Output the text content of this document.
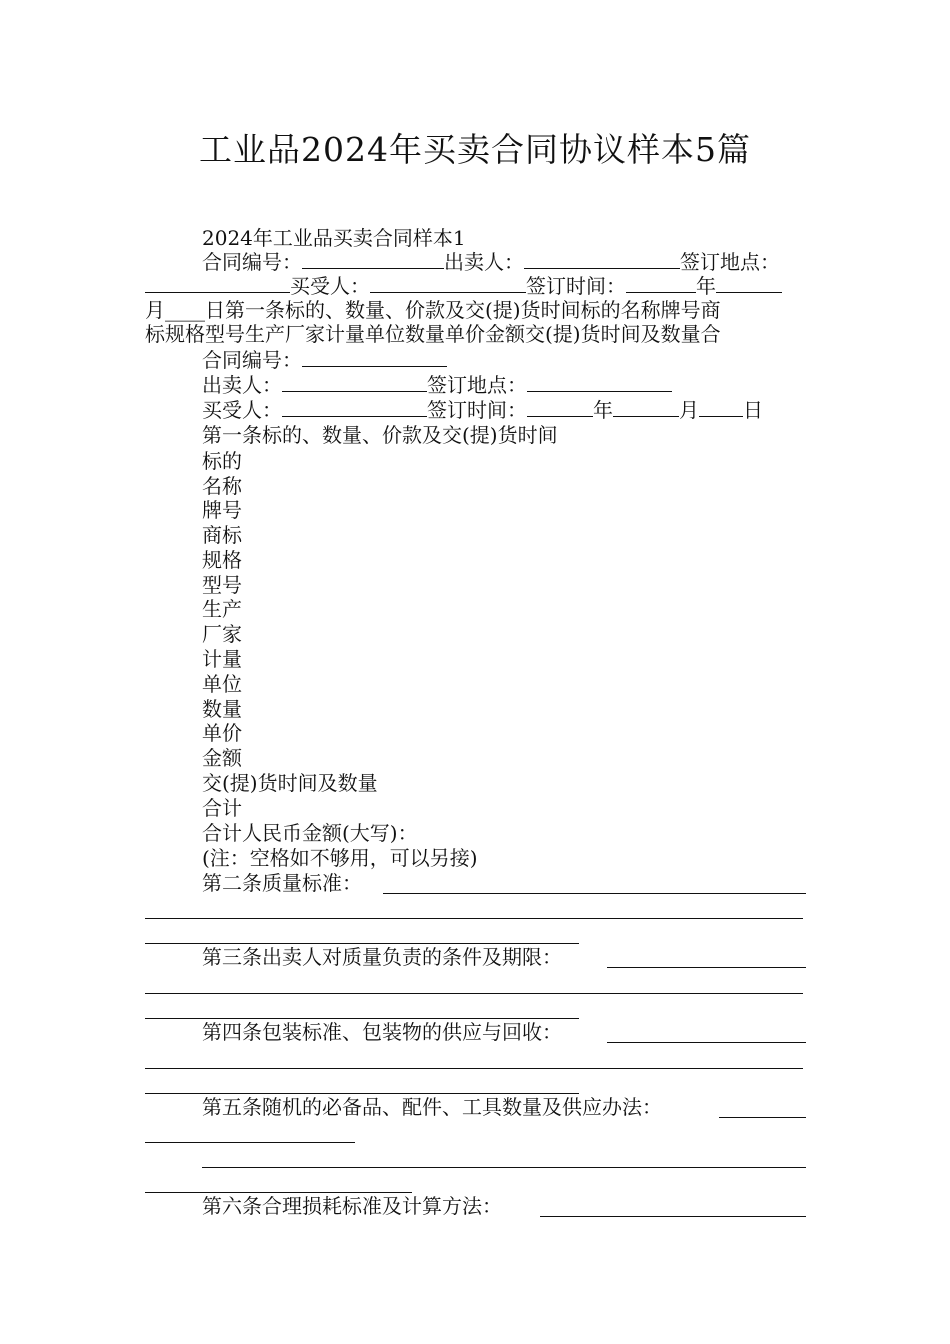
工业品2024年买卖合同协议样本5篇
2024年工业品买卖合同样本1
合同编号：	出卖人：	签订地点：
买受人：	签订时间：	年
月____日第一条标的、数量、价款及交(提)货时间标的名称牌号商
标规格型号生产厂家计量单位数量单价金额交(提)货时间及数量合
合同编号：
出卖人：	签订地点：
买受人：	签订时间：	年	月 日
第一条标的、数量、价款及交(提)货时间
标的
名称
牌号
商标
规格
型号
生产
厂家
计量
单位
数量
单价
金额
交(提)货时间及数量
合计
合计人民币金额(大写)：
(注：空格如不够用，可以另接)
第二条质量标准：
第三条出卖人对质量负责的条件及期限：
第四条包装标准、包装物的供应与回收：
第五条随机的必备品、配件、工具数量及供应办法：
第六条合理损耗标准及计算方法：
